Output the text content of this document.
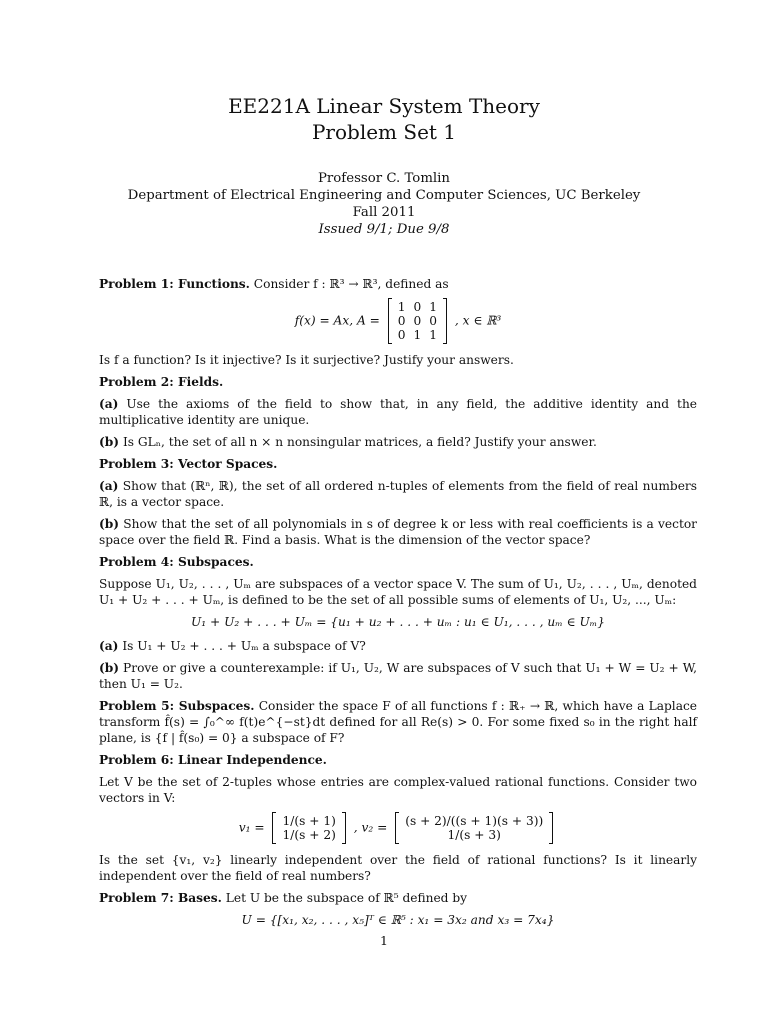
EE221A Linear System Theory
Problem Set 1
Professor C. Tomlin
Department of Electrical Engineering and Computer Sciences, UC Berkeley
Fall 2011
Issued 9/1; Due 9/8

Problem 1: Functions. Consider f : ℝ³ → ℝ³, defined as

f(x) = Ax, A =
1	0	1
0	0	0
0	1	1
, x ∈ ℝ³

Is f a function? Is it injective? Is it surjective? Justify your answers.

Problem 2: Fields.

(a) Use the axioms of the field to show that, in any field, the additive identity and the multiplicative identity are unique.

(b) Is GLₙ, the set of all n × n nonsingular matrices, a field? Justify your answer.

Problem 3: Vector Spaces.

(a) Show that (ℝⁿ, ℝ), the set of all ordered n-tuples of elements from the field of real numbers ℝ, is a vector space.

(b) Show that the set of all polynomials in s of degree k or less with real coefficients is a vector space over the field ℝ. Find a basis. What is the dimension of the vector space?

Problem 4: Subspaces.

Suppose U₁, U₂, . . . , Uₘ are subspaces of a vector space V. The sum of U₁, U₂, . . . , Uₘ, denoted U₁ + U₂ + . . . + Uₘ, is defined to be the set of all possible sums of elements of U₁, U₂, ..., Uₘ:

U₁ + U₂ + . . . + Uₘ = {u₁ + u₂ + . . . + uₘ : u₁ ∈ U₁, . . . , uₘ ∈ Uₘ}

(a) Is U₁ + U₂ + . . . + Uₘ a subspace of V?

(b) Prove or give a counterexample: if U₁, U₂, W are subspaces of V such that U₁ + W = U₂ + W, then U₁ = U₂.

Problem 5: Subspaces. Consider the space F of all functions f : ℝ₊ → ℝ, which have a Laplace transform f̂(s) = ∫₀^∞ f(t)e^{−st}dt defined for all Re(s) > 0. For some fixed s₀ in the right half plane, is {f | f̂(s₀) = 0} a subspace of F?

Problem 6: Linear Independence.

Let V be the set of 2-tuples whose entries are complex-valued rational functions. Consider two vectors in V:

v₁ = 1/(s + 1)
1/(s + 2)
, v₂ = (s + 2)/((s + 1)(s + 3))
1/(s + 3)

Is the set {v₁, v₂} linearly independent over the field of rational functions? Is it linearly independent over the field of real numbers?

Problem 7: Bases. Let U be the subspace of ℝ⁵ defined by

U = {[x₁, x₂, . . . , x₅]ᵀ ∈ ℝ⁵ : x₁ = 3x₂ and x₃ = 7x₄}
1
